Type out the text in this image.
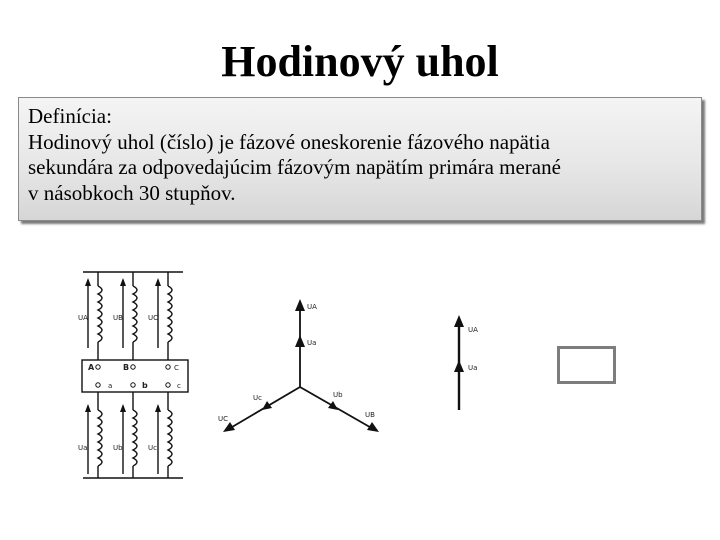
Hodinový uhol
Definícia:
Hodinový uhol (číslo) je fázové oneskorenie fázového napätia
sekundára za odpovedajúcim fázovým napätím primára merané
v násobkoch 30 stupňov.
UA	UB	UC
A	B	C
a	b	c
Ua	Ub	Uc
UA
Ua
UC
Uc
UB
Ub
UA
Ua
